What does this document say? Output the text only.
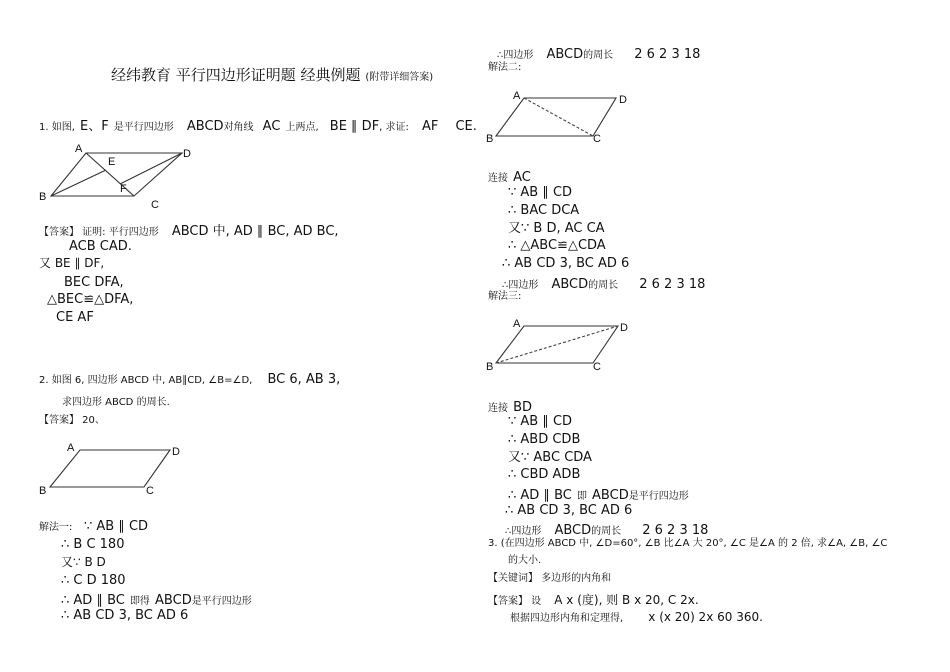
经纬教育 平行四边形证明题 经典例题 (附带详细答案)
1. 如图, E、F 是平行四边形 ABCD对角线 AC 上两点, BE ∥ DF, 求证: AF CE.
A	D
E
F
B
C
【答案】 证明: 平行四边形 ABCD 中, AD ∥ BC, AD BC,
ACB CAD.
又 BE ∥ DF,
BEC DFA,
△BEC≌△DFA,
CE AF
2. 如图 6, 四边形 ABCD 中, AB∥CD, ∠B=∠D, BC 6, AB 3,
求四边形 ABCD 的周长.
【答案】 20、
A	D
B	C
解法一: ∵ AB ∥ CD
∴ B C 180
又∵ B D
∴ C D 180
∴ AD ∥ BC 即得 ABCD是平行四边形
∴ AB CD 3, BC AD 6
∴四边形 ABCD的周长 2 6 2 3 18
解法二:
A	D
B	C
连接 AC
∵ AB ∥ CD
∴ BAC DCA
又∵ B D, AC CA
∴ △ABC≌△CDA
∴ AB CD 3, BC AD 6
∴四边形 ABCD的周长 2 6 2 3 18
解法三:
A	D
B	C
连接 BD
∵ AB ∥ CD
∴ ABD CDB
又∵ ABC CDA
∴ CBD ADB
∴ AD ∥ BC 即 ABCD是平行四边形
∴ AB CD 3, BC AD 6
∴四边形 ABCD的周长 2 6 2 3 18
3. (在四边形 ABCD 中, ∠D=60°, ∠B 比∠A 大 20°, ∠C 是∠A 的 2 倍, 求∠A, ∠B, ∠C
的大小.
【关键词】 多边形的内角和
【答案】 设 A x (度), 则 B x 20, C 2x.
根据四边形内角和定理得, x (x 20) 2x 60 360.
